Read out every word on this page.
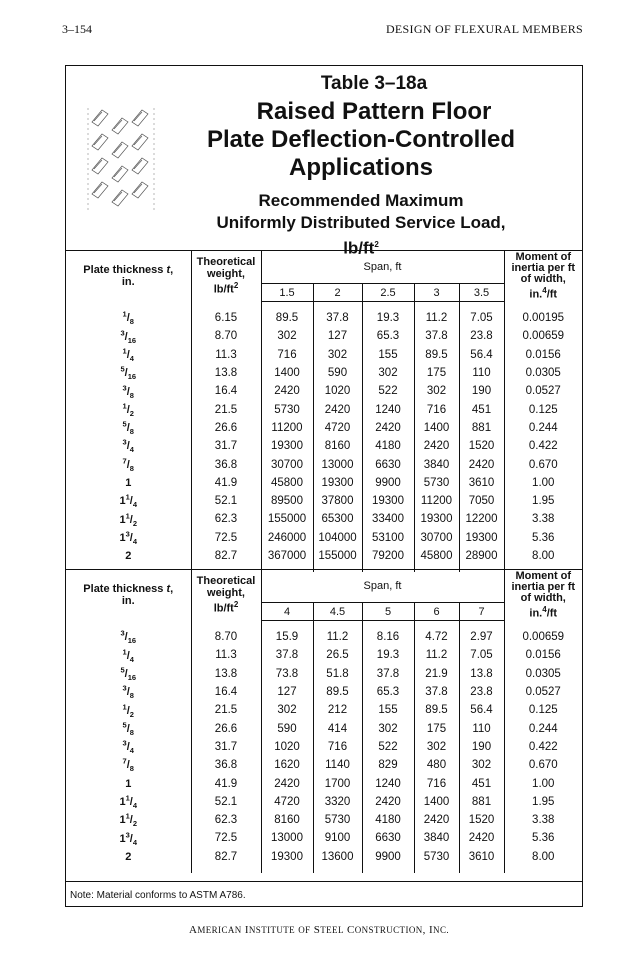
3–154	DESIGN OF FLEXURAL MEMBERS
Table 3–18a
Raised Pattern Floor
Plate Deflection-Controlled
Applications
Recommended Maximum
Uniformly Distributed Service Load,
$lb/ft^2$
Plate thickness t,
in.	Theoretical
weight,
$lb/ft^2$	Span, ft					Moment of
inertia per ft
of width,
in.$^4$/ft

		1.5	2	2.5	3	3.5	

$^1/_8$	6.15	89.5	37.8	19.3	11.2	7.05	0.00195
$^3/_{16}$	8.70	302	127	65.3	37.8	23.8	0.00659
$^1/_4$	11.3	716	302	155	89.5	56.4	0.0156
$^5/_{16}$	13.8	1400	590	302	175	110	0.0305
$^3/_8$	16.4	2420	1020	522	302	190	0.0527
$^1/_2$	21.5	5730	2420	1240	716	451	0.125
$^5/_8$	26.6	11200	4720	2420	1400	881	0.244
$^3/_4$	31.7	19300	8160	4180	2420	1520	0.422
$^7/_8$	36.8	30700	13000	6630	3840	2420	0.670
1	41.9	45800	19300	9900	5730	3610	1.00
$1^1/_4$	52.1	89500	37800	19300	11200	7050	1.95
$1^1/_2$	62.3	155000	65300	33400	19300	12200	3.38
$1^3/_4$	72.5	246000	104000	53100	30700	19300	5.36
2	82.7	367000	155000	79200	45800	28900	8.00

Plate thickness t,
in.	Theoretical
weight,
$lb/ft^2$	Span, ft					Moment of
inertia per ft
of width,
in.$^4$/ft

		4	4.5	5	6	7	

$^3/_{16}$	8.70	15.9	11.2	8.16	4.72	2.97	0.00659
$^1/_4$	11.3	37.8	26.5	19.3	11.2	7.05	0.0156
$^5/_{16}$	13.8	73.8	51.8	37.8	21.9	13.8	0.0305
$^3/_8$	16.4	127	89.5	65.3	37.8	23.8	0.0527
$^1/_2$	21.5	302	212	155	89.5	56.4	0.125
$^5/_8$	26.6	590	414	302	175	110	0.244
$^3/_4$	31.7	1020	716	522	302	190	0.422
$^7/_8$	36.8	1620	1140	829	480	302	0.670
1	41.9	2420	1700	1240	716	451	1.00
$1^1/_4$	52.1	4720	3320	2420	1400	881	1.95
$1^1/_2$	62.3	8160	5730	4180	2420	1520	3.38
$1^3/_4$	72.5	13000	9100	6630	3840	2420	5.36
2	82.7	19300	13600	9900	5730	3610	8.00

Note: Material conforms to ASTM A786.
AMERICAN INSTITUTE OF STEEL CONSTRUCTION, INC.
